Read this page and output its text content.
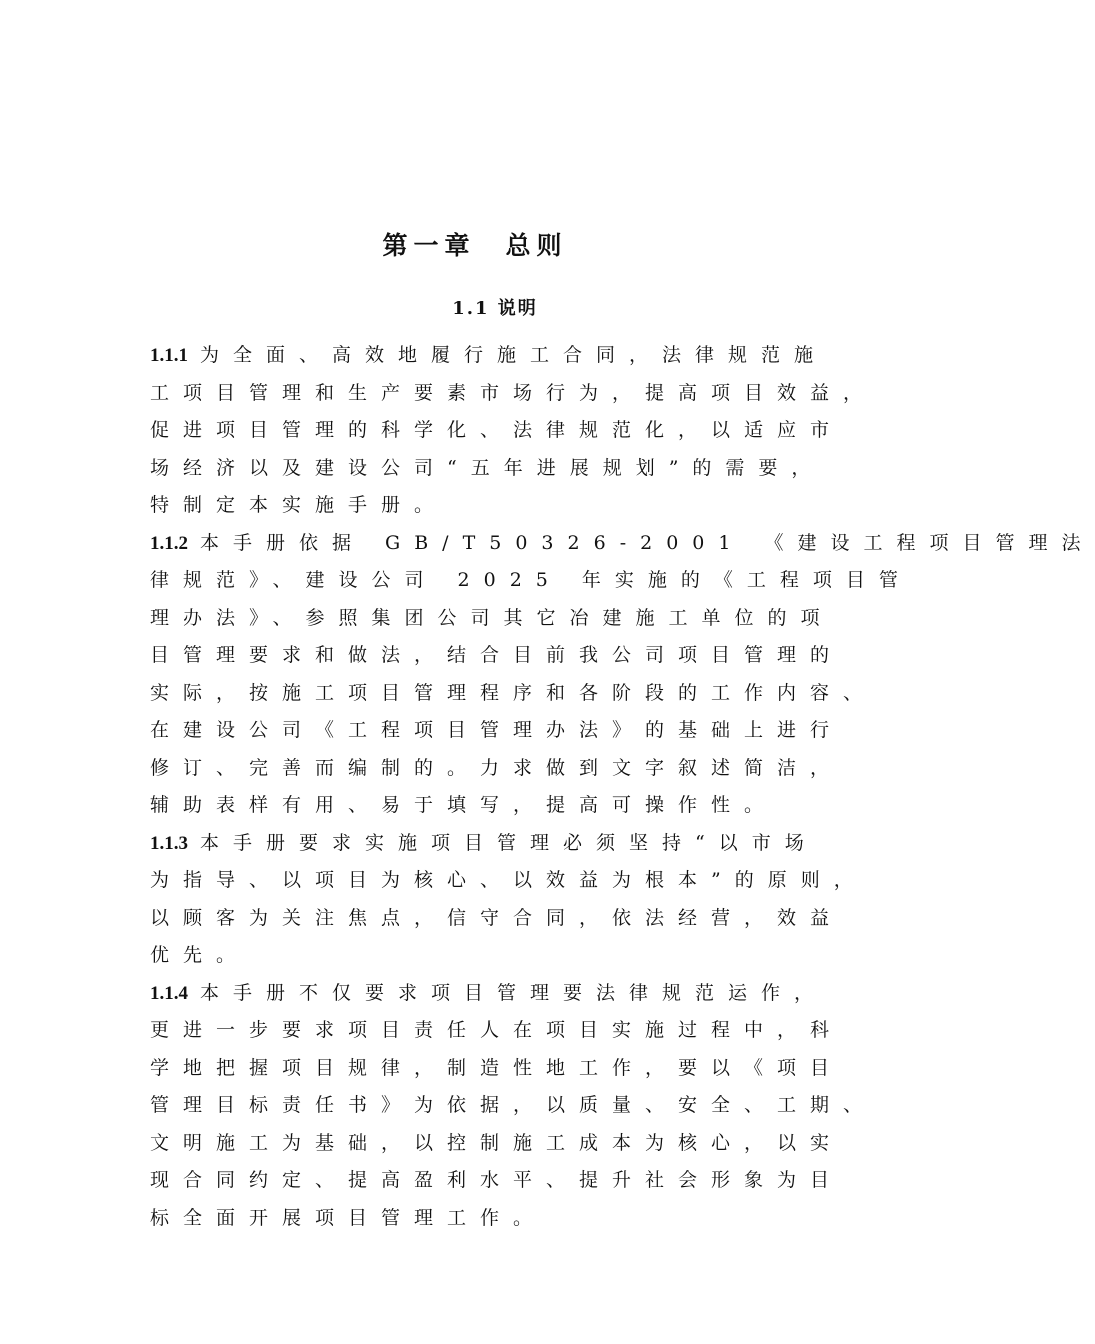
第一章 总则
1.1 说明
1.1.1 为全面、高效地履行施工合同，法律规范施
工项目管理和生产要素市场行为，提高项目效益，
促进项目管理的科学化、法律规范化，以适应市
场经济以及建设公司“五年进展规划”的需要，
特制定本实施手册。
1.1.2 本手册依据 GB/T50326-2001 《建设工程项目管理法
律规范》、建设公司 2025 年实施的《工程项目管
理办法》、参照集团公司其它冶建施工单位的项
目管理要求和做法，结合目前我公司项目管理的
实际，按施工项目管理程序和各阶段的工作内容、
在建设公司《工程项目管理办法》的基础上进行
修订、完善而编制的。力求做到文字叙述简洁，
辅助表样有用、易于填写，提高可操作性。
1.1.3 本手册要求实施项目管理必须坚持“以市场
为指导、以项目为核心、以效益为根本”的原则，
以顾客为关注焦点，信守合同，依法经营，效益
优先。
1.1.4 本手册不仅要求项目管理要法律规范运作，
更进一步要求项目责任人在项目实施过程中，科
学地把握项目规律，制造性地工作，要以《项目
管理目标责任书》为依据，以质量、安全、工期、
文明施工为基础，以控制施工成本为核心，以实
现合同约定、提高盈利水平、提升社会形象为目
标全面开展项目管理工作。
